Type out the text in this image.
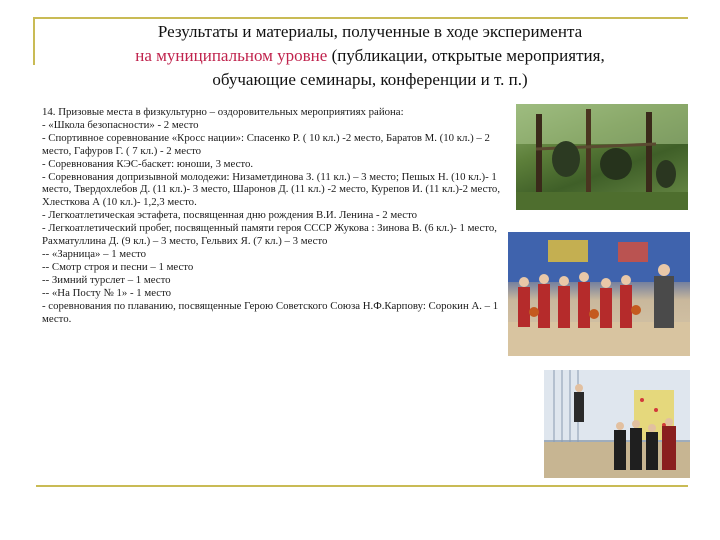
Результаты и материалы, полученные в ходе эксперимента
на муниципальном уровне (публикации, открытые мероприятия,
обучающие семинары, конференции и т. п.)
14. Призовые места в физкультурно – оздоровительных мероприятиях района:
- «Школа безопасности» - 2 место
- Спортивное соревнование «Кросс нации»: Спасенко Р. ( 10 кл.) -2 место, Баратов М. (10 кл.) – 2 место, Гафуров Г. ( 7 кл.) - 2 место
- Соревнования КЭС-баскет: юноши, 3 место.
- Соревнования допризывной молодежи: Низаметдинова З. (11 кл.) – 3 место; Пешых Н. (10 кл.)- 1 место, Твердохлебов Д. (11 кл.)- 3 место, Шаронов Д. (11 кл.) -2 место, Курепов И. (11 кл.)-2 место, Хлесткова А (10 кл.)- 1,2,3 место.
- Легкоатлетическая эстафета, посвященная дню рождения В.И. Ленина - 2 место
- Легкоатлетический пробег, посвященный памяти героя СССР Жукова : Зинова В. (6 кл.)- 1 место, Рахматуллина Д. (9 кл.) – 3 место, Гельвих Я. (7 кл.) – 3 место
-- «Зарница» – 1 место
-- Смотр строя и песни – 1 место
-- Зимний турслет – 1 место
-- «На Посту № 1» - 1 место
- соревнования по плаванию, посвященные Герою Советского Союза Н.Ф.Карпову: Сорокин А. – 1 место.
